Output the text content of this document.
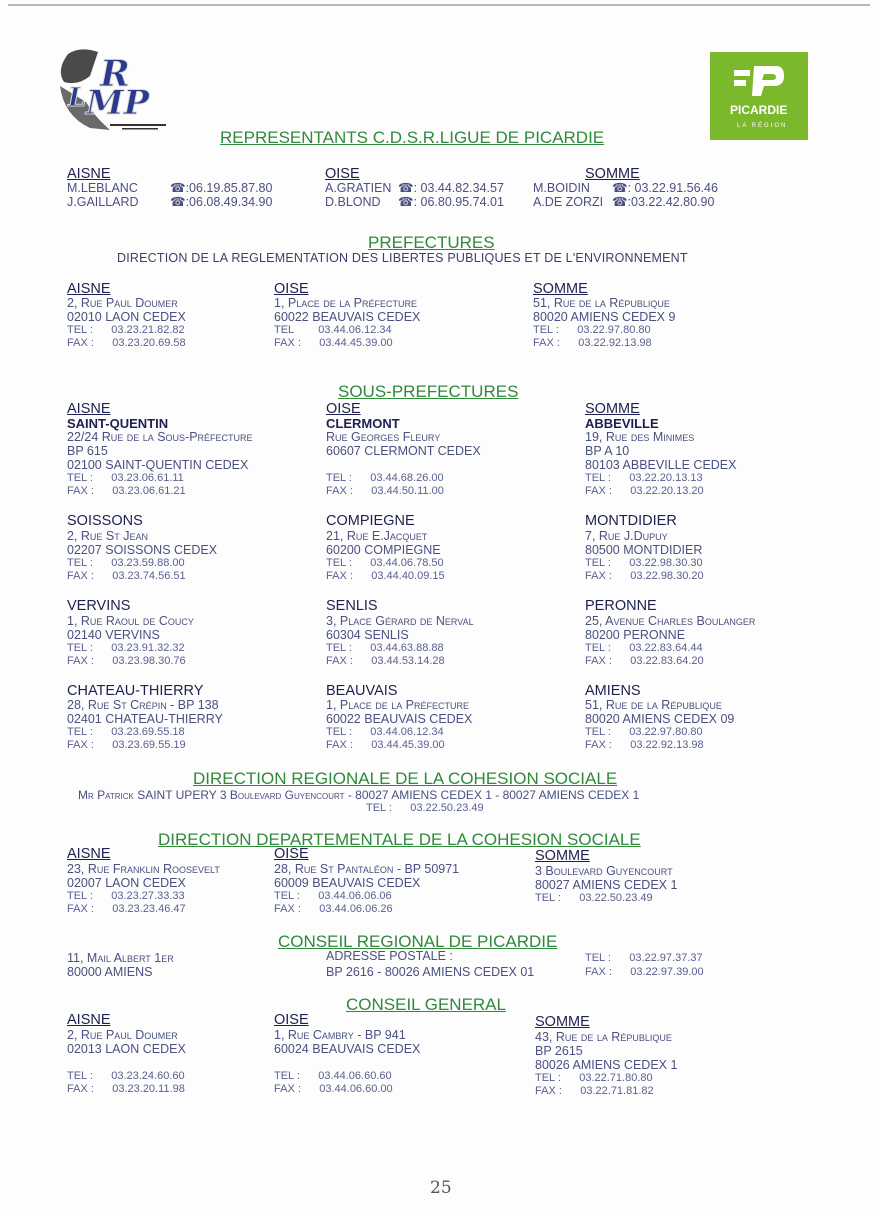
R
MP
L	PICARDIE
LA RÉGION
REPRESENTANTS C.D.S.R.LIGUE DE PICARDIE
AISNE
M.LEBLANC	☎:06.19.85.87.80
J.GAILLARD	☎:06.08.49.34.90
OISE
A.GRATIEN ☎: 03.44.82.34.57
D.BLOND ☎: 06.80.95.74.01
SOMME
M.BOIDIN ☎: 03.22.91.56.46
A.DE ZORZI ☎:03.22.42.80.90
PREFECTURES
DIRECTION DE LA REGLEMENTATION DES LIBERTES PUBLIQUES ET DE L'ENVIRONNEMENT
AISNE
2, Rue Paul Doumer
02010 LAON CEDEX
TEL :      03.23.21.82.82
FAX :      03.23.20.69.58
OISE
1, Place de la Préfecture
60022 BEAUVAIS CEDEX
TEL        03.44.06.12.34
FAX :      03.44.45.39.00
SOMME
51, Rue de la République
80020 AMIENS CEDEX 9
TEL :      03.22.97.80.80
FAX :      03.22.92.13.98
SOUS-PREFECTURES
AISNE
SAINT-QUENTIN
22/24 Rue de la Sous-Préfecture
BP 615
02100 SAINT-QUENTIN CEDEX
TEL :      03.23.06.61.11
FAX :      03.23.06.61.21
SOISSONS
2, Rue St Jean
02207 SOISSONS CEDEX
TEL :      03.23.59.88.00
FAX :      03.23.74.56.51
VERVINS
1, Rue Raoul de Coucy
02140 VERVINS
TEL :      03.23.91.32.32
FAX :      03.23.98.30.76
CHATEAU-THIERRY
28, Rue St Crépin - BP 138
02401 CHATEAU-THIERRY
TEL :      03.23.69.55.18
FAX :      03.23.69.55.19
OISE
CLERMONT
Rue Georges Fleury
60607 CLERMONT CEDEX
TEL :      03.44.68.26.00
FAX :      03.44.50.11.00
COMPIEGNE
21, Rue E.Jacquet
60200 COMPIEGNE
TEL :      03.44.06.78.50
FAX :      03.44.40.09.15
SENLIS
3, Place Gérard de Nerval
60304 SENLIS
TEL :      03.44.63.88.88
FAX :      03.44.53.14.28
BEAUVAIS
1, Place de la Préfecture
60022 BEAUVAIS CEDEX
TEL :      03.44.06.12.34
FAX :      03.44.45.39.00
SOMME
ABBEVILLE
19, Rue des Minimes
BP A 10
80103 ABBEVILLE CEDEX
TEL :      03.22.20.13.13
FAX :      03.22.20.13.20
MONTDIDIER
7, Rue J.Dupuy
80500 MONTDIDIER
TEL :      03.22.98.30.30
FAX :      03.22.98.30.20
PERONNE
25, Avenue Charles Boulanger
80200 PERONNE
TEL :      03.22.83.64.44
FAX :      03.22.83.64.20
AMIENS
51, Rue de la République
80020 AMIENS CEDEX 09
TEL :      03.22.97.80.80
FAX :      03.22.92.13.98
DIRECTION REGIONALE DE LA COHESION SOCIALE
Mr Patrick SAINT UPERY 3 Boulevard Guyencourt - 80027 AMIENS CEDEX 1 - 80027 AMIENS CEDEX 1
TEL :      03.22.50.23.49
DIRECTION DEPARTEMENTALE DE LA COHESION SOCIALE
AISNE
23, Rue Franklin Roosevelt
02007 LAON CEDEX
TEL :      03.23.27.33.33
FAX :      03.23.23.46.47
OISE
28, Rue St Pantaléon - BP 50971
60009 BEAUVAIS CEDEX
TEL :      03.44.06.06.06
FAX :      03.44.06.06.26
SOMME
3 Boulevard Guyencourt
80027 AMIENS CEDEX 1
TEL :      03.22.50.23.49
CONSEIL REGIONAL DE PICARDIE
11, Mail Albert 1er
80000 AMIENS
ADRESSE POSTALE :
BP 2616 - 80026 AMIENS CEDEX 01
TEL :      03.22.97.37.37
FAX :      03.22.97.39.00
CONSEIL GENERAL
AISNE
2, Rue Paul Doumer
02013 LAON CEDEX
TEL :      03.23.24.60.60
FAX :      03.23.20.11.98
OISE
1, Rue Cambry - BP 941
60024 BEAUVAIS CEDEX
TEL :      03.44.06.60.60
FAX :      03.44.06.60.00
SOMME
43, Rue de la République
BP 2615
80026 AMIENS CEDEX 1
TEL :      03.22.71.80.80
FAX :      03.22.71.81.82
25
